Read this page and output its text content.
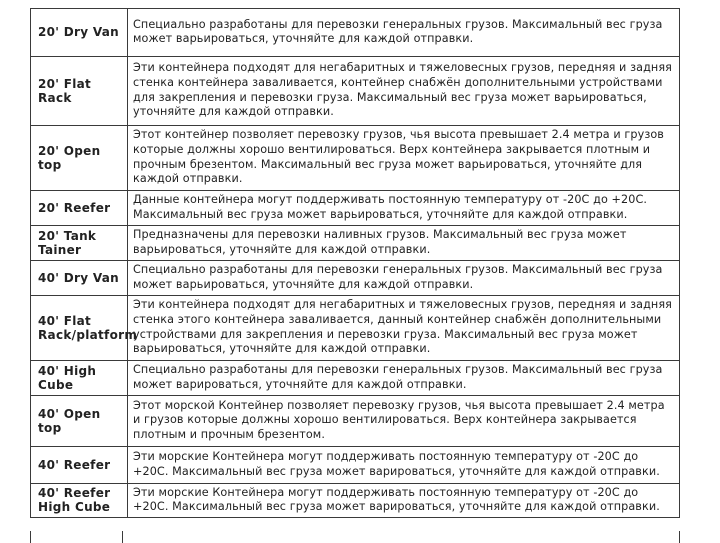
20' Dry Van	Специально разработаны для перевозки генеральных грузов. Максимальный вес груза может варьироваться, уточняйте для каждой отправки.
20' Flat Rack	Эти контейнера подходят для негабаритных и тяжеловесных грузов, передняя и задняя стенка контейнера заваливается, контейнер снабжён дополнительными устройствами для закрепления и перевозки груза. Максимальный вес груза может варьироваться, уточняйте для каждой отправки.
20' Open top	Этот контейнер позволяет перевозку грузов, чья высота превышает 2.4 метра и грузов которые должны хорошо вентилироваться. Верх контейнера закрывается плотным и прочным брезентом. Максимальный вес груза может варьироваться, уточняйте для каждой отправки.
20' Reefer	Данные контейнера могут поддерживать постоянную температуру от -20С до +20С. Максимальный вес груза может варьироваться, уточняйте для каждой отправки.
20' Tank Tainer	Предназначены для перевозки наливных грузов. Максимальный вес груза может варьироваться, уточняйте для каждой отправки.
40' Dry Van	Специально разработаны для перевозки генеральных грузов. Максимальный вес груза может варьироваться, уточняйте для каждой отправки.
40' Flat Rack/platform	Эти контейнера подходят для негабаритных и тяжеловесных грузов, передняя и задняя стенка этого контейнера заваливается, данный контейнер снабжён дополнительными устройствами для закрепления и перевозки груза. Максимальный вес груза может варьироваться, уточняйте для каждой отправки.
40' High Cube	Специально разработаны для перевозки генеральных грузов. Максимальный вес груза может варироваться, уточняйте для каждой отправки.
40' Open top	Этот морской Контейнер позволяет перевозку грузов, чья высота превышает 2.4 метра и грузов которые должны хорошо вентилироваться. Верх контейнера закрывается плотным и прочным брезентом.
40' Reefer	Эти морские Контейнера могут поддерживать постоянную температуру от -20С до +20С. Максимальный вес груза может варироваться, уточняйте для каждой отправки.
40' Reefer High Cube	Эти морские Контейнера могут поддерживать постоянную температуру от -20С до +20С. Максимальный вес груза может варироваться, уточняйте для каждой отправки.
